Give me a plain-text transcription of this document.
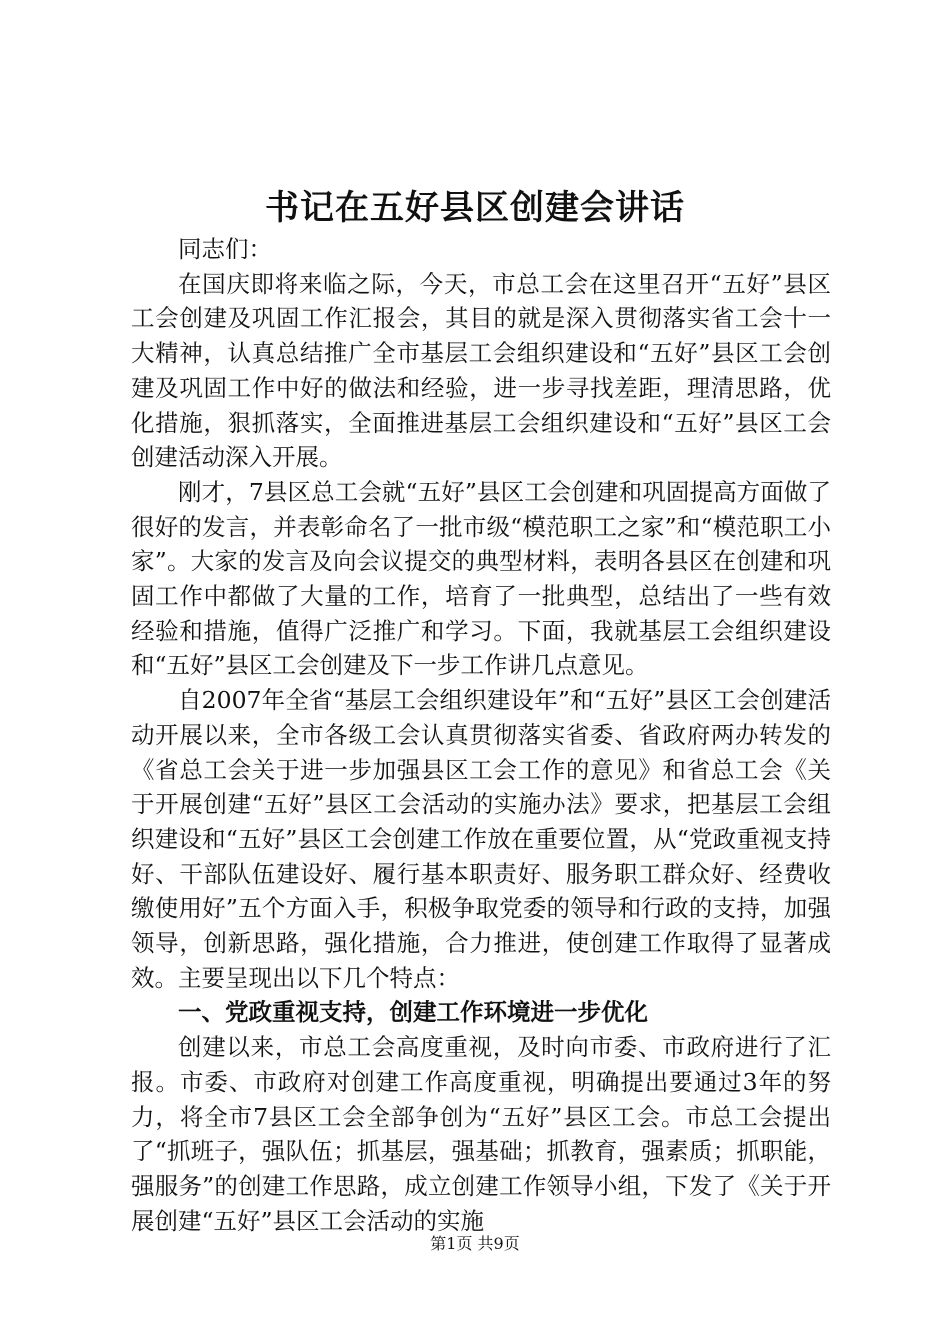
书记在五好县区创建会讲话

同志们：

在国庆即将来临之际，今天，市总工会在这里召开“五好”县区工会创建及巩固工作汇报会，其目的就是深入贯彻落实省工会十一大精神，认真总结推广全市基层工会组织建设和“五好”县区工会创建及巩固工作中好的做法和经验，进一步寻找差距，理清思路，优化措施，狠抓落实，全面推进基层工会组织建设和“五好”县区工会创建活动深入开展。

刚才，7县区总工会就“五好”县区工会创建和巩固提高方面做了很好的发言，并表彰命名了一批市级“模范职工之家”和“模范职工小家”。大家的发言及向会议提交的典型材料，表明各县区在创建和巩固工作中都做了大量的工作，培育了一批典型，总结出了一些有效经验和措施，值得广泛推广和学习。下面，我就基层工会组织建设和“五好”县区工会创建及下一步工作讲几点意见。

自2007年全省“基层工会组织建设年”和“五好”县区工会创建活动开展以来，全市各级工会认真贯彻落实省委、省政府两办转发的《省总工会关于进一步加强县区工会工作的意见》和省总工会《关于开展创建“五好”县区工会活动的实施办法》要求，把基层工会组织建设和“五好”县区工会创建工作放在重要位置，从“党政重视支持好、干部队伍建设好、履行基本职责好、服务职工群众好、经费收缴使用好”五个方面入手，积极争取党委的领导和行政的支持，加强领导，创新思路，强化措施，合力推进，使创建工作取得了显著成效。主要呈现出以下几个特点：

一、党政重视支持，创建工作环境进一步优化

创建以来，市总工会高度重视，及时向市委、市政府进行了汇报。市委、市政府对创建工作高度重视，明确提出要通过3年的努力，将全市7县区工会全部争创为“五好”县区工会。市总工会提出了“抓班子，强队伍；抓基层，强基础；抓教育，强素质；抓职能，强服务”的创建工作思路，成立创建工作领导小组，下发了《关于开展创建“五好”县区工会活动的实施

第1页 共9页
